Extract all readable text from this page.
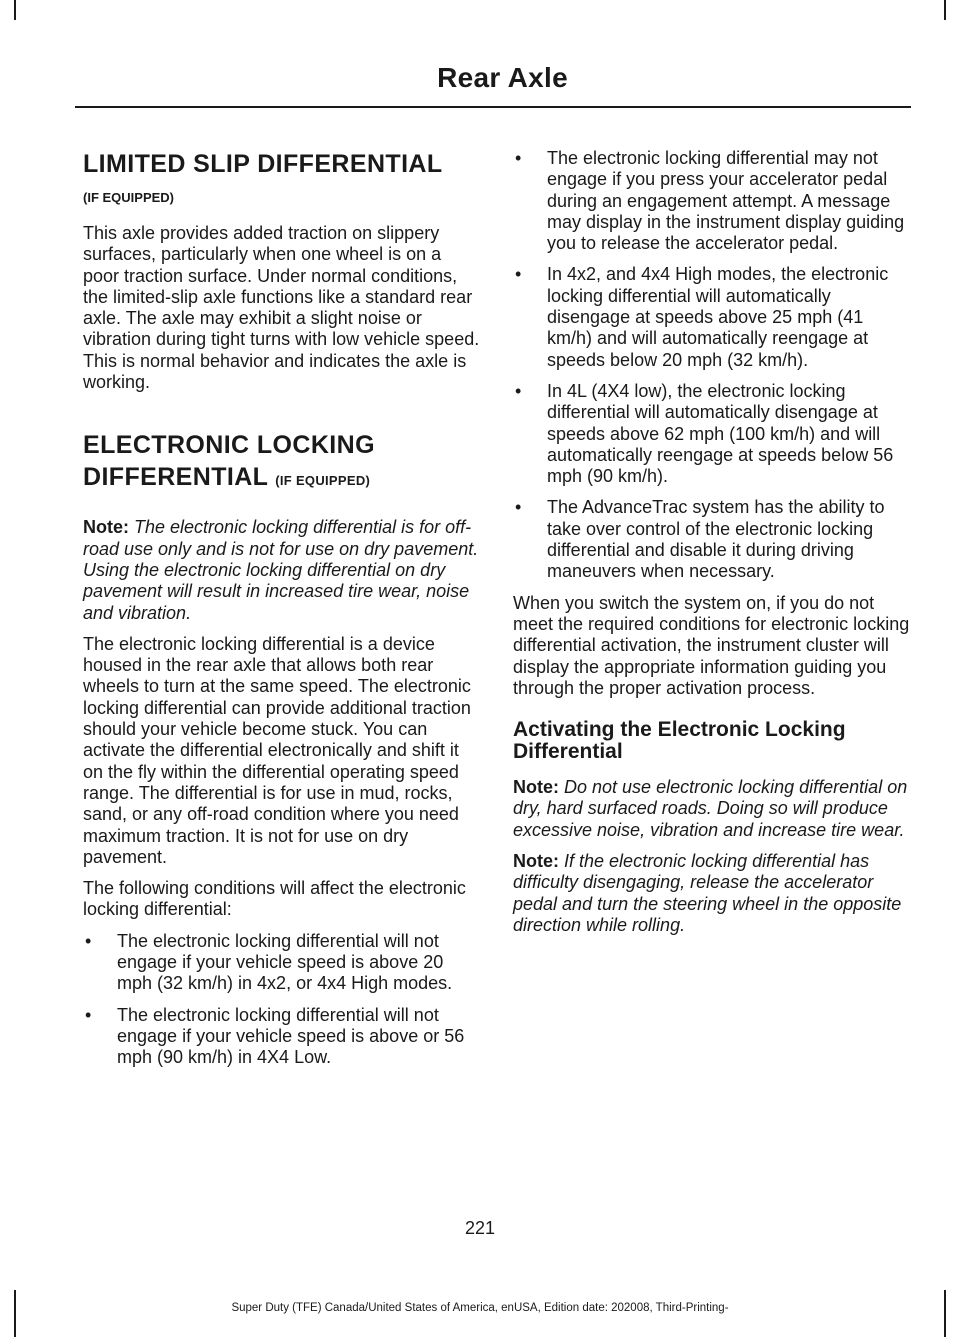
Rear Axle
LIMITED SLIP DIFFERENTIAL
(IF EQUIPPED)

This axle provides added traction on slippery surfaces, particularly when one wheel is on a poor traction surface. Under normal conditions, the limited-slip axle functions like a standard rear axle. The axle may exhibit a slight noise or vibration during tight turns with low vehicle speed. This is normal behavior and indicates the axle is working.

ELECTRONIC LOCKING
DIFFERENTIAL (IF EQUIPPED)

Note: The electronic locking differential is for off-road use only and is not for use on dry pavement. Using the electronic locking differential on dry pavement will result in increased tire wear, noise and vibration.

The electronic locking differential is a device housed in the rear axle that allows both rear wheels to turn at the same speed. The electronic locking differential can provide additional traction should your vehicle become stuck. You can activate the differential electronically and shift it on the fly within the differential operating speed range. The differential is for use in mud, rocks, sand, or any off-road condition where you need maximum traction. It is not for use on dry pavement.

The following conditions will affect the electronic locking differential:

• The electronic locking differential will not engage if your vehicle speed is above 20 mph (32 km/h) in 4x2, or 4x4 High modes.
• The electronic locking differential will not engage if your vehicle speed is above or 56 mph (90 km/h) in 4X4 Low.
• The electronic locking differential may not engage if you press your accelerator pedal during an engagement attempt. A message may display in the instrument display guiding you to release the accelerator pedal.
• In 4x2, and 4x4 High modes, the electronic locking differential will automatically disengage at speeds above 25 mph (41 km/h) and will automatically reengage at speeds below 20 mph (32 km/h).
• In 4L (4X4 low), the electronic locking differential will automatically disengage at speeds above 62 mph (100 km/h) and will automatically reengage at speeds below 56 mph (90 km/h).
• The AdvanceTrac system has the ability to take over control of the electronic locking differential and disable it during driving maneuvers when necessary.

When you switch the system on, if you do not meet the required conditions for electronic locking differential activation, the instrument cluster will display the appropriate information guiding you through the proper activation process.

Activating the Electronic Locking Differential

Note: Do not use electronic locking differential on dry, hard surfaced roads. Doing so will produce excessive noise, vibration and increase tire wear.

Note: If the electronic locking differential has difficulty disengaging, release the accelerator pedal and turn the steering wheel in the opposite direction while rolling.

221
Super Duty (TFE) Canada/United States of America, enUSA, Edition date: 202008, Third-Printing-
